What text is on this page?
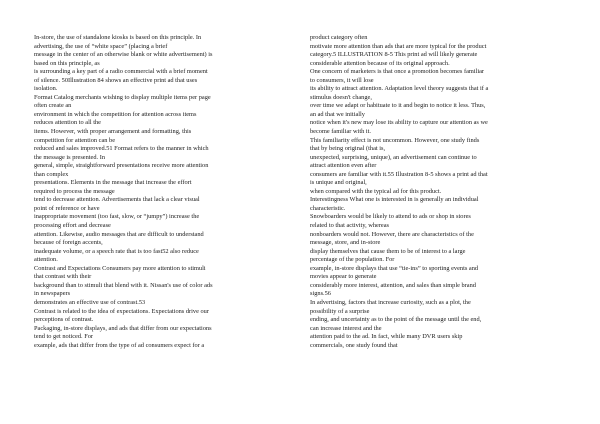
In-store, the use of standalone kiosks is based on this principle. In
advertising, the use of “white space” (placing a brief
message in the center of an otherwise blank or white advertisement) is
based on this principle, as
is surrounding a key part of a radio commercial with a brief moment
of silence. 50Illustration 84 shows an effective print ad that uses
isolation.
Format Catalog merchants wishing to display multiple items per page
often create an
environment in which the competition for attention across items
reduces attention to all the
items. However, with proper arrangement and formatting, this
competition for attention can be
reduced and sales improved.51 Format refers to the manner in which
the message is presented. In
general, simple, straightforward presentations receive more attention
than complex
presentations. Elements in the message that increase the effort
required to process the message
tend to decrease attention. Advertisements that lack a clear visual
point of reference or have
inappropriate movement (too fast, slow, or “jumpy”) increase the
processing effort and decrease
attention. Likewise, audio messages that are difficult to understand
because of foreign accents,
inadequate volume, or a speech rate that is too fast52 also reduce
attention.
Contrast and Expectations Consumers pay more attention to stimuli
that contrast with their
background than to stimuli that blend with it. Nissan's use of color ads
in newspapers
demonstrates an effective use of contrast.53
Contrast is related to the idea of expectations. Expectations drive our
perceptions of contrast.
Packaging, in-store displays, and ads that differ from our expectations
tend to get noticed. For
example, ads that differ from the type of ad consumers expect for a
product category often
motivate more attention than ads that are more typical for the product
category.5 ILLUSTRATION 8-5 This print ad will likely generate
considerable attention because of its original approach.
One concern of marketers is that once a promotion becomes familiar
to consumers, it will lose
its ability to attract attention. Adaptation level theory suggests that if a
stimulus doesn't change,
over time we adapt or habituate to it and begin to notice it less. Thus,
an ad that we initially
notice when it's new may lose its ability to capture our attention as we
become familiar with it.
This familiarity effect is not uncommon. However, one study finds
that by being original (that is,
unexpected, surprising, unique), an advertisement can continue to
attract attention even after
consumers are familiar with it.55 Illustration 8-5 shows a print ad that
is unique and original,
when compared with the typical ad for this product.
Interestingness What one is interested in is generally an individual
characteristic.
Snowboarders would be likely to attend to ads or shop in stores
related to that activity, whereas
nonboarders would not. However, there are characteristics of the
message, store, and in-store
display themselves that cause them to be of interest to a large
percentage of the population. For
example, in-store displays that use “tie-ins” to sporting events and
movies appear to generate
considerably more interest, attention, and sales than simple brand
signs.56
In advertising, factors that increase curiosity, such as a plot, the
possibility of a surprise
ending, and uncertainty as to the point of the message until the end,
can increase interest and the
attention paid to the ad. In fact, while many DVR users skip
commercials, one study found that
